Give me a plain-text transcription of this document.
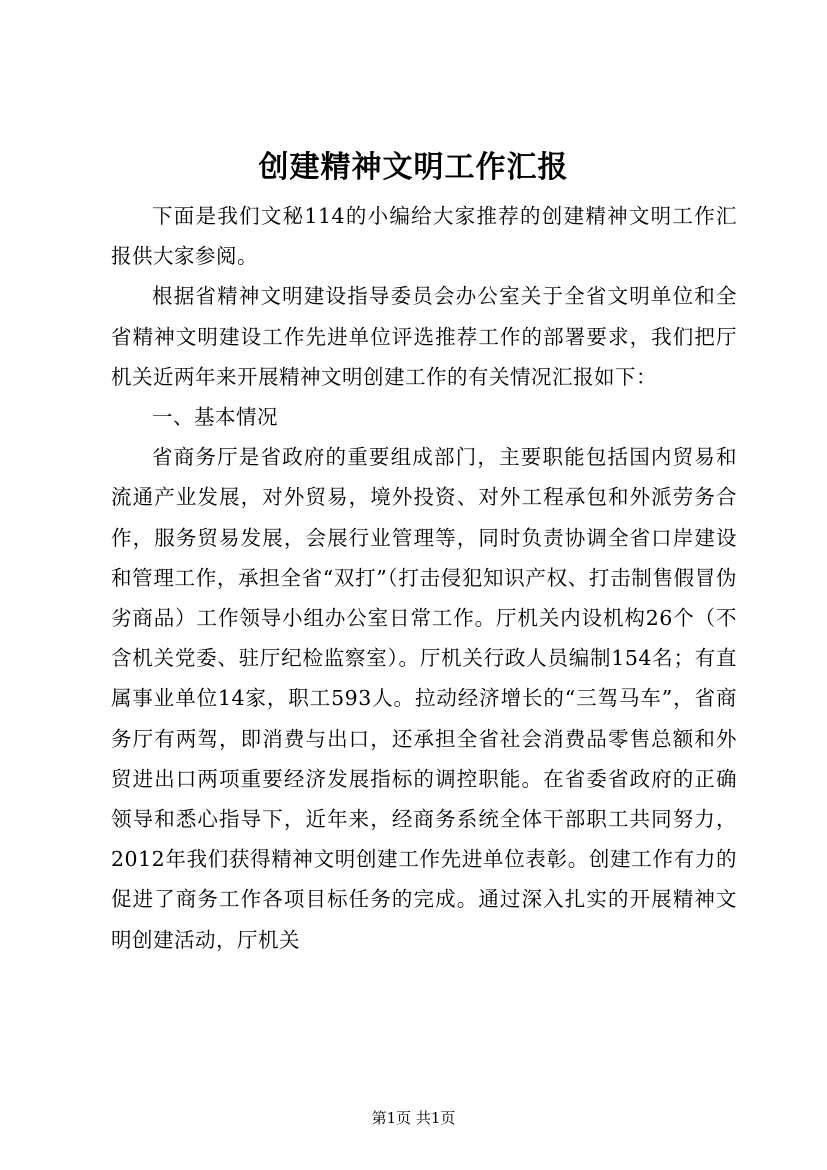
创建精神文明工作汇报

下面是我们文秘114的小编给大家推荐的创建精神文明工作汇报供大家参阅。

根据省精神文明建设指导委员会办公室关于全省文明单位和全省精神文明建设工作先进单位评选推荐工作的部署要求，我们把厅机关近两年来开展精神文明创建工作的有关情况汇报如下：

一、基本情况

省商务厅是省政府的重要组成部门，主要职能包括国内贸易和流通产业发展，对外贸易，境外投资、对外工程承包和外派劳务合作，服务贸易发展，会展行业管理等，同时负责协调全省口岸建设和管理工作，承担全省“双打”（打击侵犯知识产权、打击制售假冒伪劣商品）工作领导小组办公室日常工作。厅机关内设机构26个（不含机关党委、驻厅纪检监察室）。厅机关行政人员编制154名；有直属事业单位14家，职工593人。拉动经济增长的“三驾马车”，省商务厅有两驾，即消费与出口，还承担全省社会消费品零售总额和外贸进出口两项重要经济发展指标的调控职能。在省委省政府的正确领导和悉心指导下，近年来，经商务系统全体干部职工共同努力，2012年我们获得精神文明创建工作先进单位表彰。创建工作有力的促进了商务工作各项目标任务的完成。通过深入扎实的开展精神文明创建活动，厅机关

第1页 共1页
